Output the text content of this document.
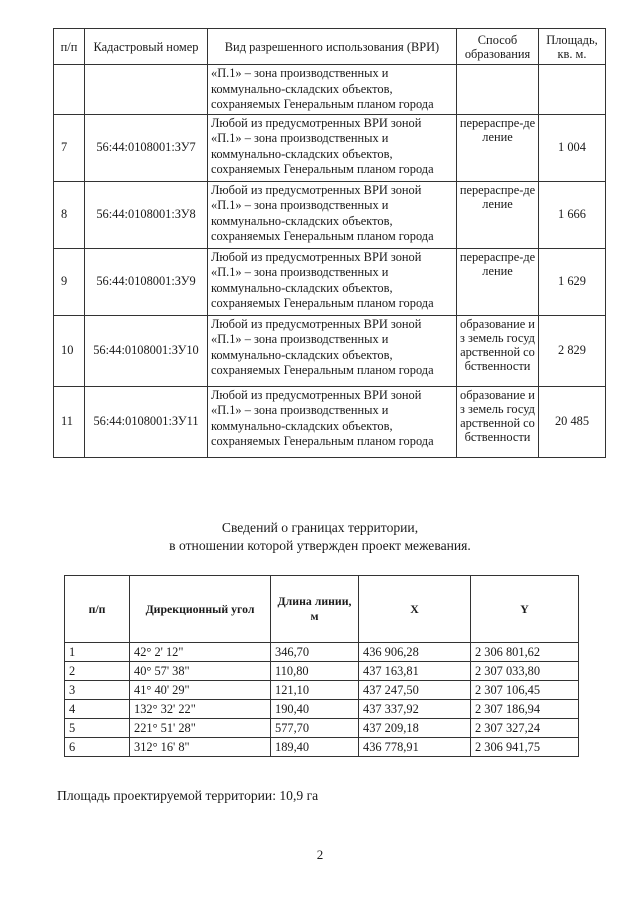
п/п	Кадастровый номер	Вид разрешенного использования (ВРИ)	Способ образования	Площадь, кв. м.
		«П.1» – зона производственных и коммунально-складских объектов, сохраняемых Генеральным планом города		
7	56:44:0108001:ЗУ7	Любой из предусмотренных ВРИ зоной «П.1» – зона производственных и коммунально-складских объектов, сохраняемых Генеральным планом города	перераспре-деление	1 004
8	56:44:0108001:ЗУ8	Любой из предусмотренных ВРИ зоной «П.1» – зона производственных и коммунально-складских объектов, сохраняемых Генеральным планом города	перераспре-деление	1 666
9	56:44:0108001:ЗУ9	Любой из предусмотренных ВРИ зоной «П.1» – зона производственных и коммунально-складских объектов, сохраняемых Генеральным планом города	перераспре-деление	1 629
10	56:44:0108001:ЗУ10	Любой из предусмотренных ВРИ зоной «П.1» – зона производственных и коммунально-складских объектов, сохраняемых Генеральным планом города	образование из земель государственной собственности	2 829
11	56:44:0108001:ЗУ11	Любой из предусмотренных ВРИ зоной «П.1» – зона производственных и коммунально-складских объектов, сохраняемых Генеральным планом города	образование из земель государственной собственности	20 485

Сведений о границах территории,
в отношении которой утвержден проект межевания.

п/п	Дирекционный угол	Длина линии, м	X	Y
1	42° 2' 12"	346,70	436 906,28	2 306 801,62
2	40° 57' 38"	110,80	437 163,81	2 307 033,80
3	41° 40' 29"	121,10	437 247,50	2 307 106,45
4	132° 32' 22"	190,40	437 337,92	2 307 186,94
5	221° 51' 28"	577,70	437 209,18	2 307 327,24
6	312° 16' 8"	189,40	436 778,91	2 306 941,75

Площадь проектируемой территории: 10,9 га

2
